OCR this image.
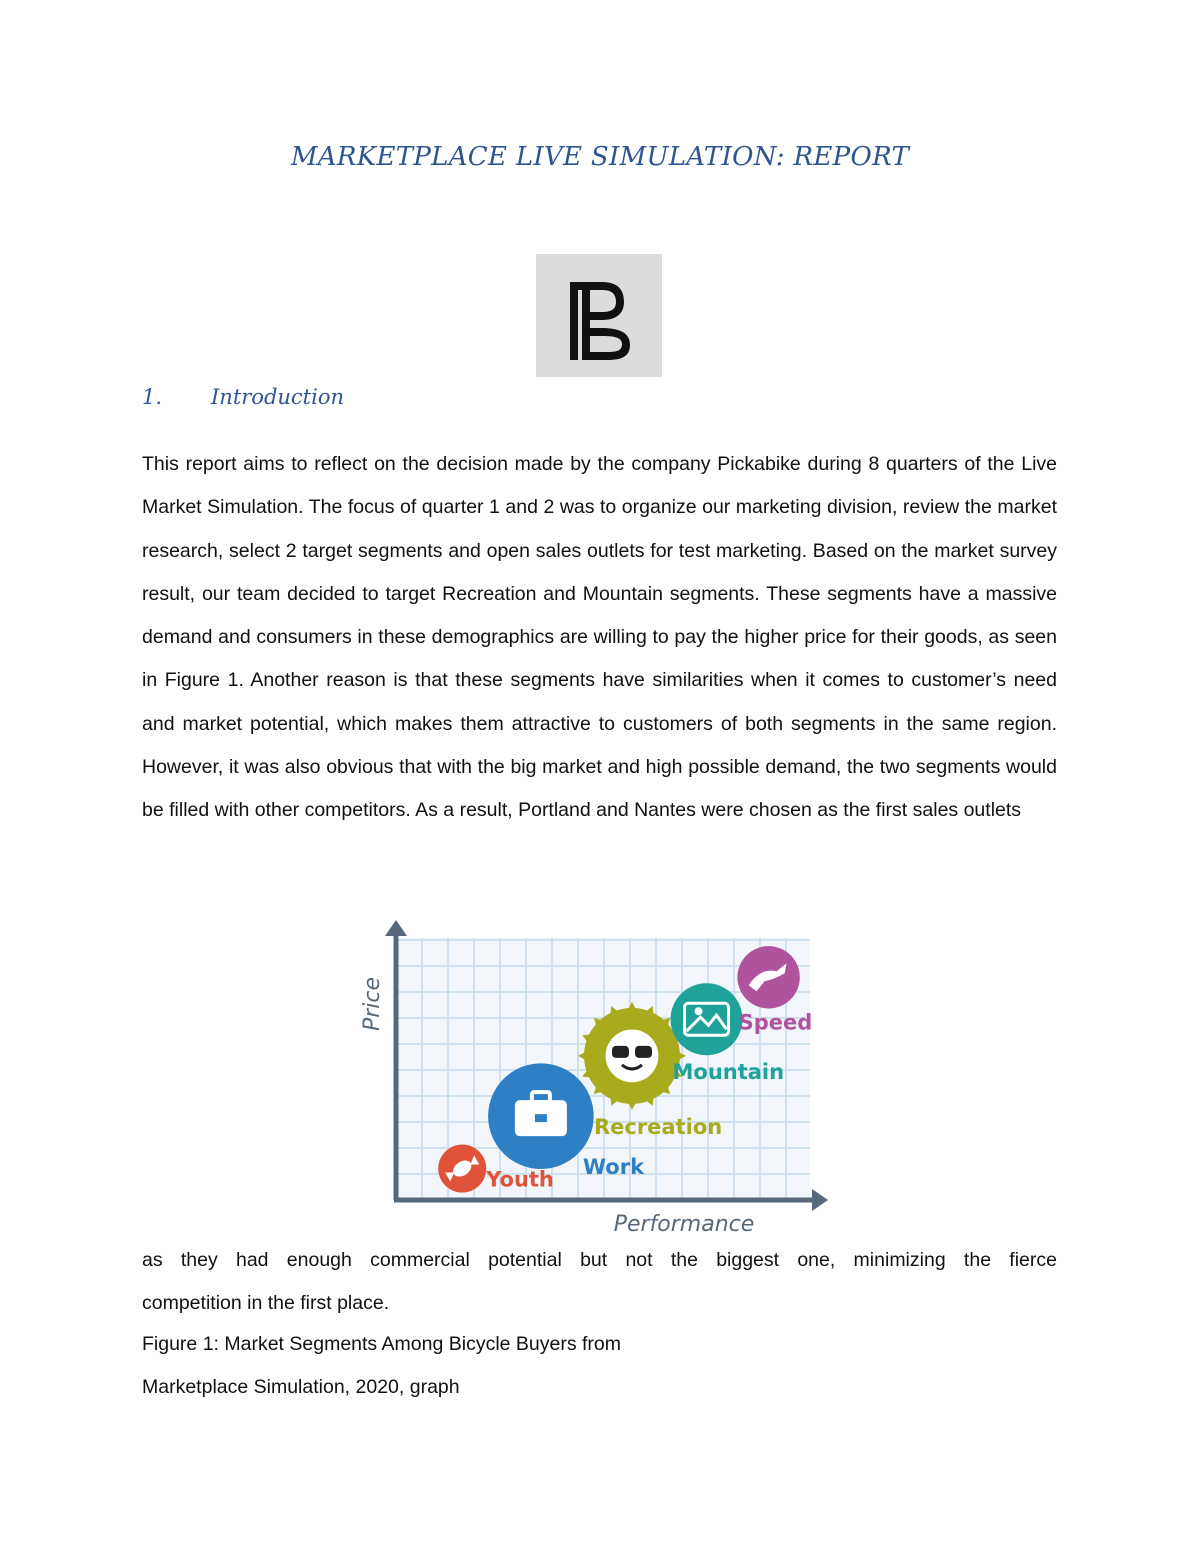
MARKETPLACE LIVE SIMULATION: REPORT
1. Introduction
This report aims to reflect on the decision made by the company Pickabike during 8 quarters of the Live Market Simulation. The focus of quarter 1 and 2 was to organize our marketing division, review the market research, select 2 target segments and open sales outlets for test marketing. Based on the market survey result, our team decided to target Recreation and Mountain segments. These segments have a massive demand and consumers in these demographics are willing to pay the higher price for their goods, as seen in Figure 1. Another reason is that these segments have similarities when it comes to customer’s need and market potential, which makes them attractive to customers of both segments in the same region. However, it was also obvious that with the big market and high possible demand, the two segments would be filled with other competitors. As a result, Portland and Nantes were chosen as the first sales outlets
Performance
Price
Youth
Work
Recreation
Mountain
Speed
as they had enough commercial potential but not the biggest one, minimizing the fierce
competition in the first place.
Figure 1: Market Segments Among Bicycle Buyers from
Marketplace Simulation, 2020, graph
